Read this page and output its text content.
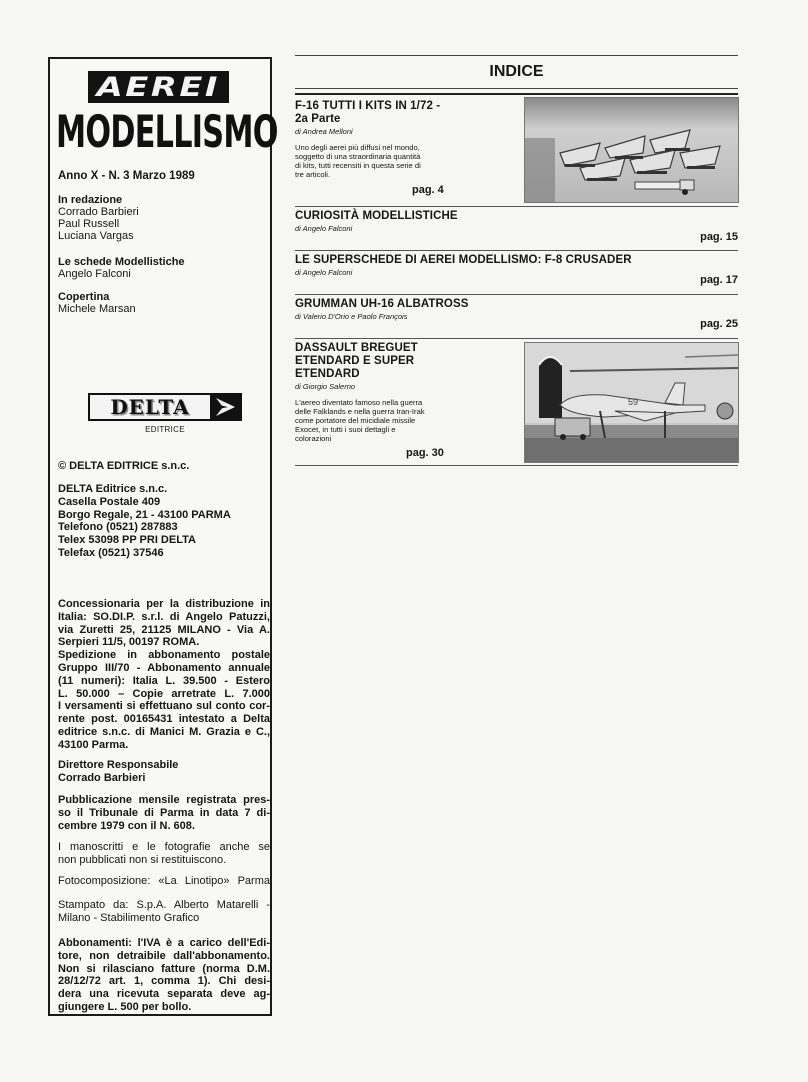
AEREI
MODELLISMO
Anno X - N. 3 Marzo 1989
In redazione
Corrado Barbieri
Paul Russell
Luciana Vargas
Le schede Modellistiche
Angelo Falconi
Copertina
Michele Marsan
DELTA
EDITRICE
© DELTA EDITRICE s.n.c.
DELTA Editrice s.n.c.
Casella Postale 409
Borgo Regale, 21 - 43100 PARMA
Telefono (0521) 287883
Telex 53098 PP PRI DELTA
Telefax (0521) 37546
Concessionaria per la distribuzione in
Italia: SO.DI.P. s.r.l. di Angelo Patuzzi,
via Zuretti 25, 21125 MILANO - Via A.
Serpieri 11/5, 00197 ROMA.
Spedizione in abbonamento postale
Gruppo III/70 - Abbonamento annuale
(11 numeri): Italia L. 39.500 - Estero
L. 50.000 – Copie arretrate L. 7.000
I versamenti si effettuano sul conto cor-
rente post. 00165431 intestato a Delta
editrice s.n.c. di Manici M. Grazia e C.,
43100 Parma.
Direttore Responsabile
Corrado Barbieri
Pubblicazione mensile registrata pres-
so il Tribunale di Parma in data 7 di-
cembre 1979 con il N. 608.
I manoscritti e le fotografie anche se
non pubblicati non si restituiscono.
Fotocomposizione: «La Linotipo» Parma
Stampato da: S.p.A. Alberto Matarelli -
Milano - Stabilimento Grafico
Abbonamenti: l'IVA è a carico dell'Edi-
tore, non detraibile dall'abbonamento.
Non si rilasciano fatture (norma D.M.
28/12/72 art. 1, comma 1). Chi desi-
dera una ricevuta separata deve ag-
giungere L. 500 per bollo.
INDICE
F-16 TUTTI I KITS IN 1/72 -
2a Parte
di Andrea Melloni
Uno degli aerei più diffusi nel mondo,
soggetto di una straordinaria quantità
di kits, tutti recensiti in questa serie di
tre articoli.
pag. 4
CURIOSITÀ MODELLISTICHE
di Angelo Falconi
pag. 15
LE SUPERSCHEDE DI AEREI MODELLISMO: F-8 CRUSADER
di Angelo Falconi
pag. 17
GRUMMAN UH-16 ALBATROSS
di Valerio D'Orio e Paolo François
pag. 25
DASSAULT BREGUET
ETENDARD E SUPER
ETENDARD
di Giorgio Salerno
L'aereo diventato famoso nella guerra
delle Falklands e nella guerra Iran-Irak
come portatore del micidiale missile
Exocet, in tutti i suoi dettagli e
colorazioni
pag. 30
59
